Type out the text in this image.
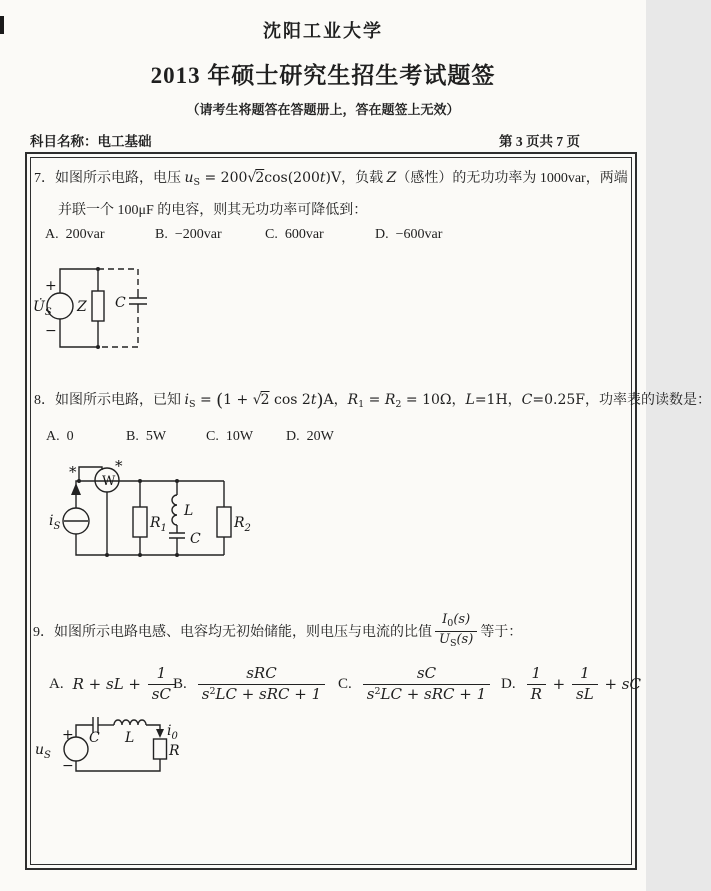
沈阳工业大学
2013 年硕士研究生招生考试题签
（请考生将题答在答题册上，答在题签上无效）
科目名称：电工基础	第 3 页共 7 页
7．如图所示电路，电压 $u_S = 200√2\cos(200t)V$，负载 Z（感性）的无功功率为 1000var，两端
并联一个 100μF 的电容，则其无功功率可降低到：
A.  200var	B.  −200var	C.  600var	D.  −600var
$U̇_S$
+
−
Z C
8．如图所示电路，已知 $i_S = (1 + √2$ cos 2t)A，$R_1 = R_2 = 10\Omega$，L=1H，C=0.25F，功率表的读数是：
A.  0	B.  5W	C.  10W D.  20W
*	*
W
$i_S$	$R_1$
L
C
$R_2$
9． 如图所示电路电感、电容均无初始储能，则电压与电流的比值 $\frac{I_0(s)}{U_S(s)}$ 等于：
A. R + sL + $\frac{1}{sC}$
B. $\frac{\text{sRC}}{s^2LC + sRC + 1} C$. $\frac{sC}{s^2LC + sRC + 1} D$. $\frac{1}{R} + \frac{1}{sL}$ + sC
+
−
$u_S$
C L $i_0$
R
